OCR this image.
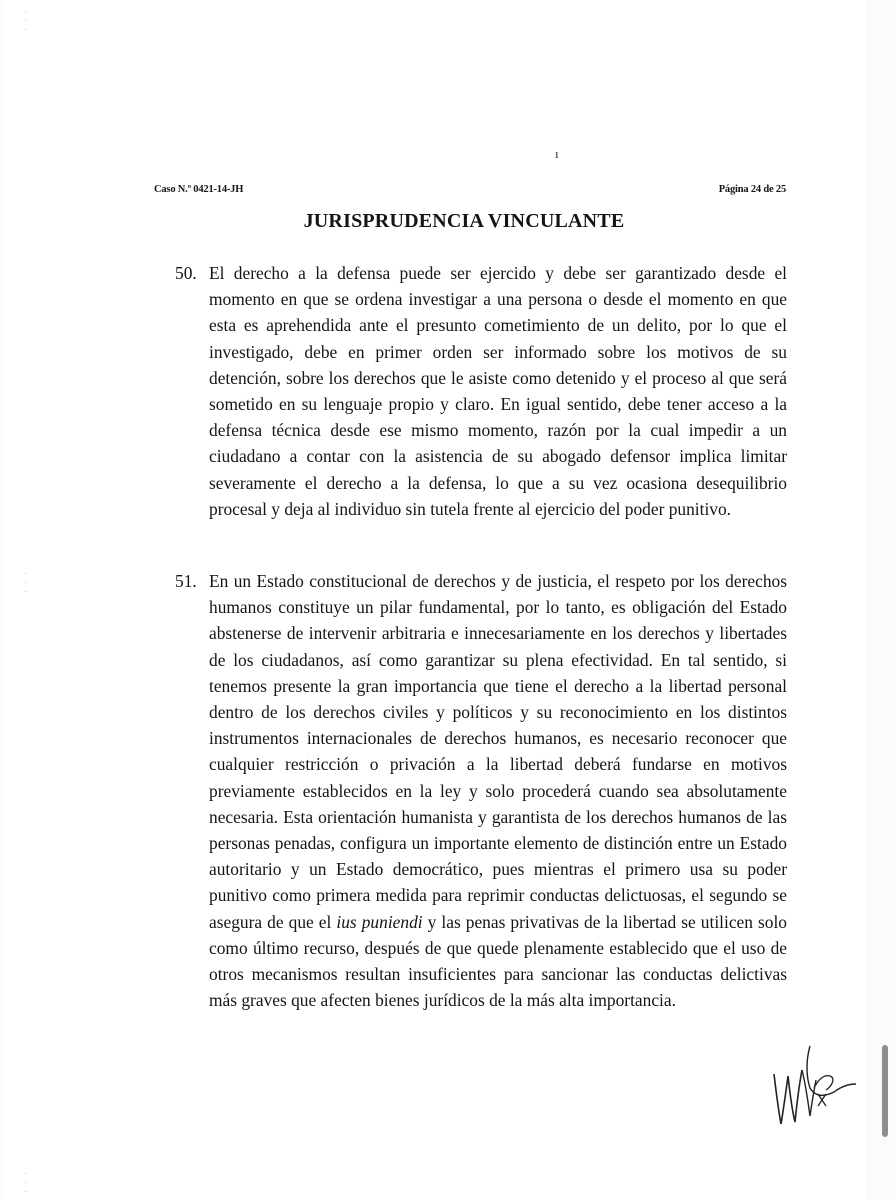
·
·
·
·
·
·
·
·
·
ı
Caso N.º 0421-14-JH	Página 24 de 25
JURISPRUDENCIA VINCULANTE
50. El derecho a la defensa puede ser ejercido y debe ser garantizado desde el momento en que se ordena investigar a una persona o desde el momento en que esta es aprehendida ante el presunto cometimiento de un delito, por lo que el investigado, debe en primer orden ser informado sobre los motivos de su detención, sobre los derechos que le asiste como detenido y el proceso al que será sometido en su lenguaje propio y claro. En igual sentido, debe tener acceso a la defensa técnica desde ese mismo momento, razón por la cual impedir a un ciudadano a contar con la asistencia de su abogado defensor implica limitar severamente el derecho a la defensa, lo que a su vez ocasiona desequilibrio procesal y deja al individuo sin tutela frente al ejercicio del poder punitivo.
51. En un Estado constitucional de derechos y de justicia, el respeto por los derechos humanos constituye un pilar fundamental, por lo tanto, es obligación del Estado abstenerse de intervenir arbitraria e innecesariamente en los derechos y libertades de los ciudadanos, así como garantizar su plena efectividad. En tal sentido, si tenemos presente la gran importancia que tiene el derecho a la libertad personal dentro de los derechos civiles y políticos y su reconocimiento en los distintos instrumentos internacionales de derechos humanos, es necesario reconocer que cualquier restricción o privación a la libertad deberá fundarse en motivos previamente establecidos en la ley y solo procederá cuando sea absolutamente necesaria. Esta orientación humanista y garantista de los derechos humanos de las personas penadas, configura un importante elemento de distinción entre un Estado autoritario y un Estado democrático, pues mientras el primero usa su poder punitivo como primera medida para reprimir conductas delictuosas, el segundo se asegura de que el ius puniendi y las penas privativas de la libertad se utilicen solo como último recurso, después de que quede plenamente establecido que el uso de otros mecanismos resultan insuficientes para sancionar las conductas delictivas más graves que afecten bienes jurídicos de la más alta importancia.
